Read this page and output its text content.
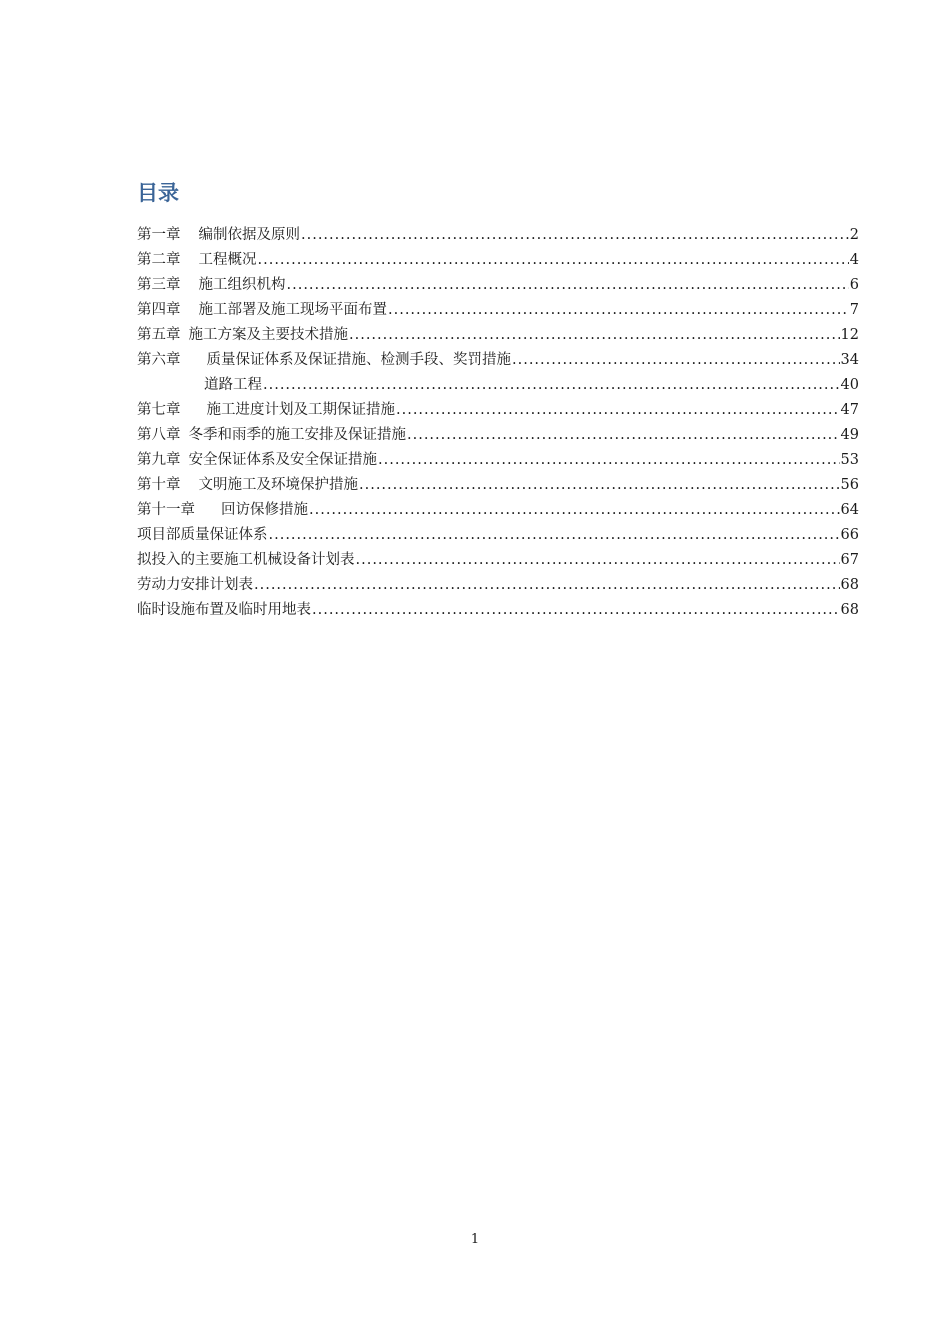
目录
第一章 编制依据及原则 .....	2
第二章 工程概况 .....	4
第三章 施工组织机构 .....	6
第四章 施工部署及施工现场平面布置 .....	7
第五章 施工方案及主要技术措施 .....	12
第六章 质量保证体系及保证措施、检测手段、奖罚措施 .....	34
道路工程 .....	40
第七章 施工进度计划及工期保证措施 .....	47
第八章 冬季和雨季的施工安排及保证措施 .....	49
第九章 安全保证体系及安全保证措施 .....	53
第十章 文明施工及环境保护措施 .....	56
第十一章 回访保修措施 .....	64
项目部质量保证体系 .....	66
拟投入的主要施工机械设备计划表 .....	67
劳动力安排计划表 .....	68
临时设施布置及临时用地表 .....	68
1
